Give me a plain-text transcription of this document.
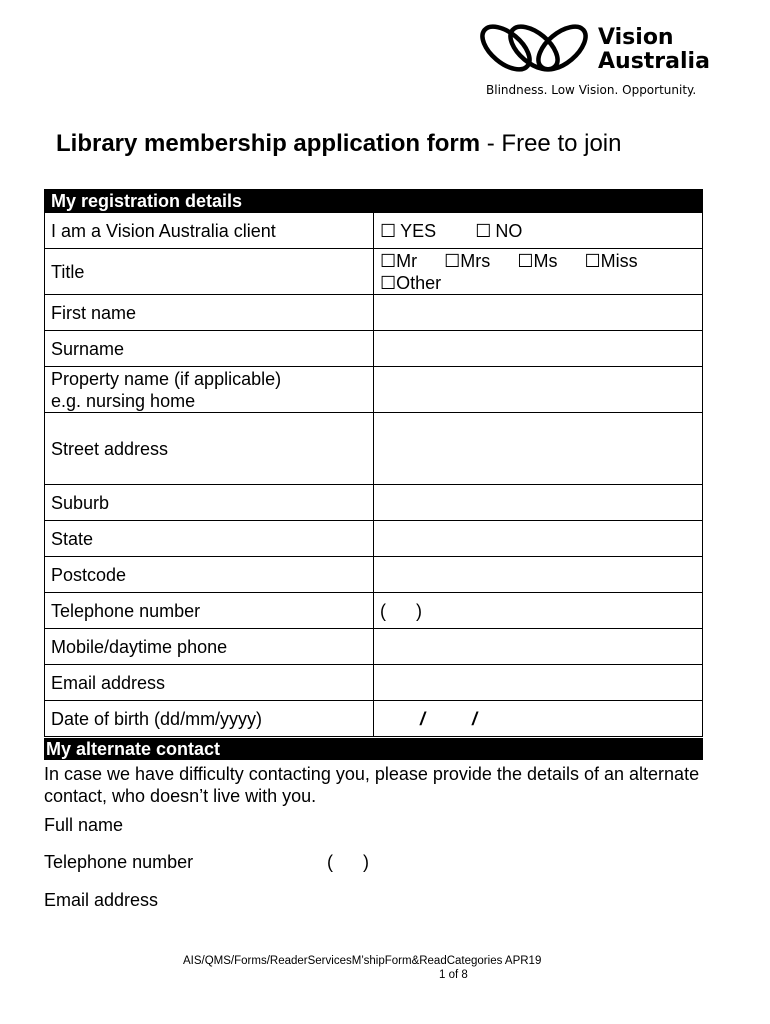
Vision
Australia
Blindness. Low Vision. Opportunity.
Library membership application form - Free to join
My registration details	
I am a Vision Australia client	☐ YES ☐ NO
Title	☐Mr ☐Mrs ☐Ms ☐Miss
☐Other
First name	
Surname	
Property name (if applicable)
e.g. nursing home	
Street address	
Suburb	
State	
Postcode	
Telephone number	(      )
Mobile/daytime phone	
Email address	
Date of birth (dd/mm/yyyy)	/ /
My alternate contact
In case we have difficulty contacting you, please provide the details of an alternate contact, who doesn’t live with you.
Full name
Telephone number	(      )
Email address
AIS/QMS/Forms/ReaderServicesM’shipForm&ReadCategories APR19
1 of 8
